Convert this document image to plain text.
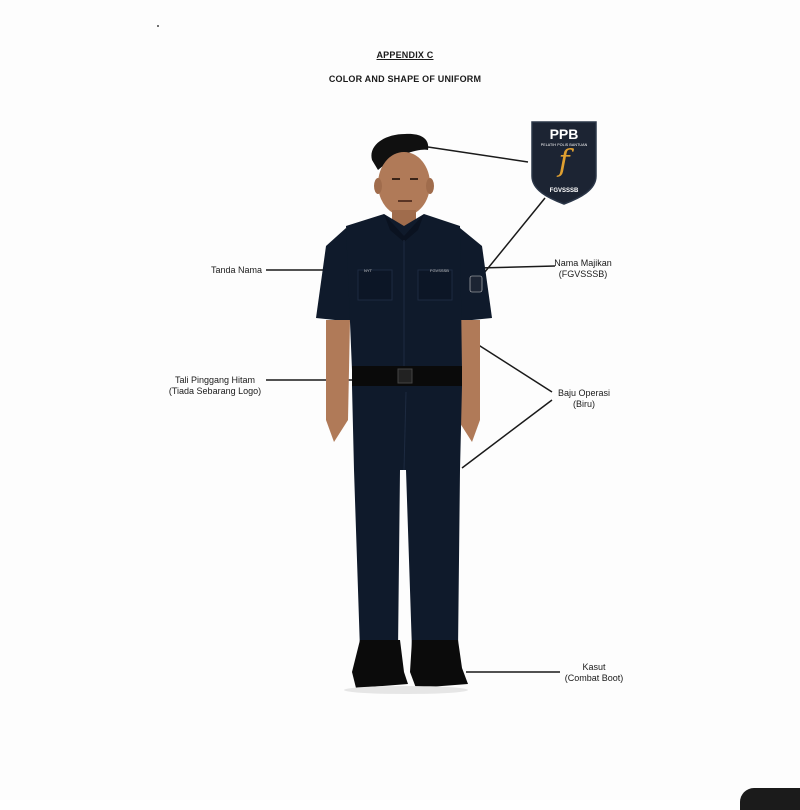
APPENDIX C
COLOR AND SHAPE OF UNIFORM
PPB
PELATIH POLIS BANTUAN
f
FGVSSSB
NYT	FGVSSSB
Tanda Nama
Nama Majikan
(FGVSSSB)
Tali Pinggang Hitam
(Tiada Sebarang Logo)	Baju Operasi
(Biru)
Kasut
(Combat Boot)
